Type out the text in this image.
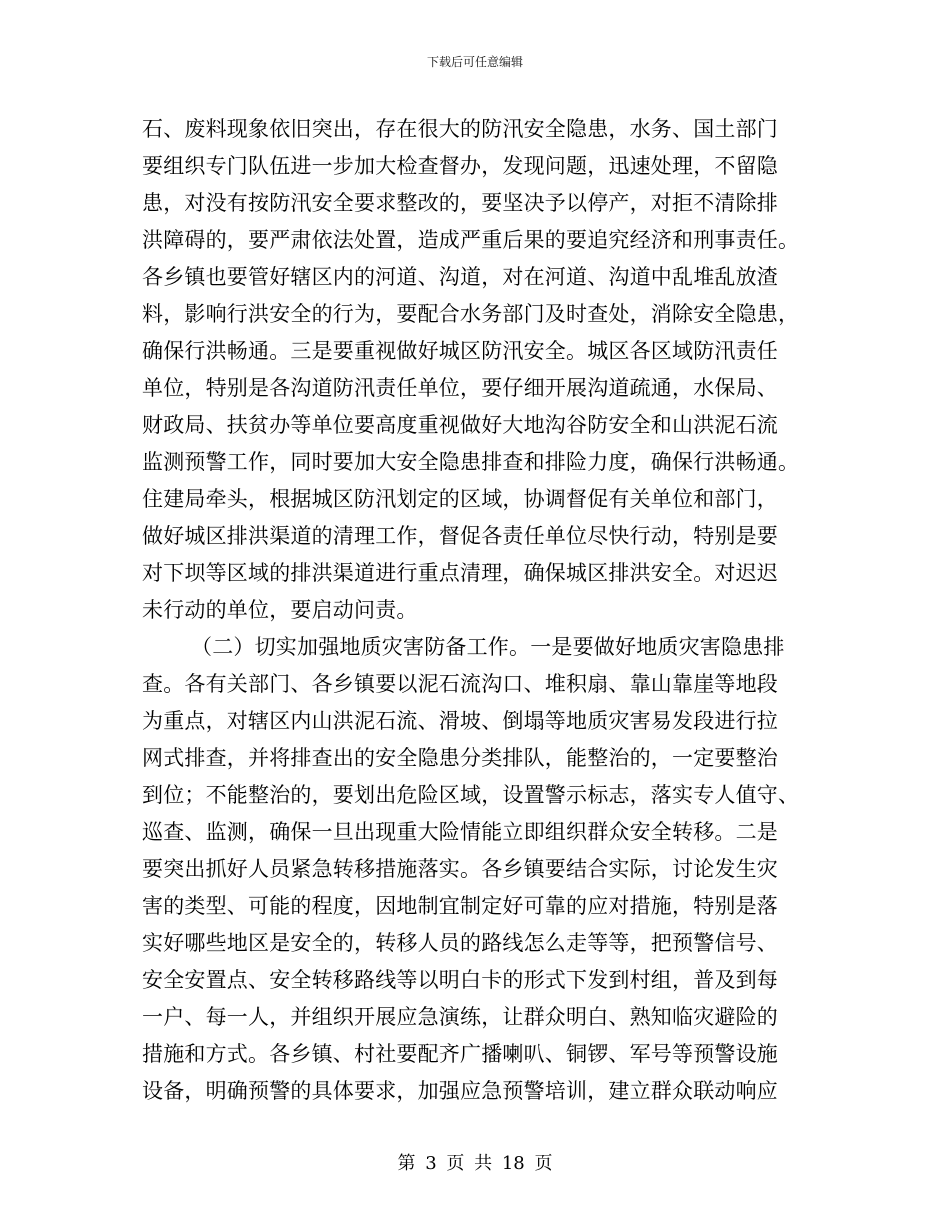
下载后可任意编辑
石、废料现象依旧突出，存在很大的防汛安全隐患，水务、国土部门
要组织专门队伍进一步加大检查督办，发现问题，迅速处理，不留隐
患，对没有按防汛安全要求整改的，要坚决予以停产，对拒不清除排
洪障碍的，要严肃依法处置，造成严重后果的要追究经济和刑事责任。
各乡镇也要管好辖区内的河道、沟道，对在河道、沟道中乱堆乱放渣
料，影响行洪安全的行为，要配合水务部门及时查处，消除安全隐患，
确保行洪畅通。三是要重视做好城区防汛安全。城区各区域防汛责任
单位，特别是各沟道防汛责任单位，要仔细开展沟道疏通，水保局、
财政局、扶贫办等单位要高度重视做好大地沟谷防安全和山洪泥石流
监测预警工作，同时要加大安全隐患排查和排险力度，确保行洪畅通。
住建局牵头，根据城区防汛划定的区域，协调督促有关单位和部门，
做好城区排洪渠道的清理工作，督促各责任单位尽快行动，特别是要
对下坝等区域的排洪渠道进行重点清理，确保城区排洪安全。对迟迟
未行动的单位，要启动问责。
（二）切实加强地质灾害防备工作。一是要做好地质灾害隐患排
查。各有关部门、各乡镇要以泥石流沟口、堆积扇、靠山靠崖等地段
为重点，对辖区内山洪泥石流、滑坡、倒塌等地质灾害易发段进行拉
网式排查，并将排查出的安全隐患分类排队，能整治的，一定要整治
到位；不能整治的，要划出危险区域，设置警示标志，落实专人值守、
巡查、监测，确保一旦出现重大险情能立即组织群众安全转移。二是
要突出抓好人员紧急转移措施落实。各乡镇要结合实际，讨论发生灾
害的类型、可能的程度，因地制宜制定好可靠的应对措施，特别是落
实好哪些地区是安全的，转移人员的路线怎么走等等，把预警信号、
安全安置点、安全转移路线等以明白卡的形式下发到村组，普及到每
一户、每一人，并组织开展应急演练，让群众明白、熟知临灾避险的
措施和方式。各乡镇、村社要配齐广播喇叭、铜锣、军号等预警设施
设备，明确预警的具体要求，加强应急预警培训，建立群众联动响应
第 3 页 共 18 页
